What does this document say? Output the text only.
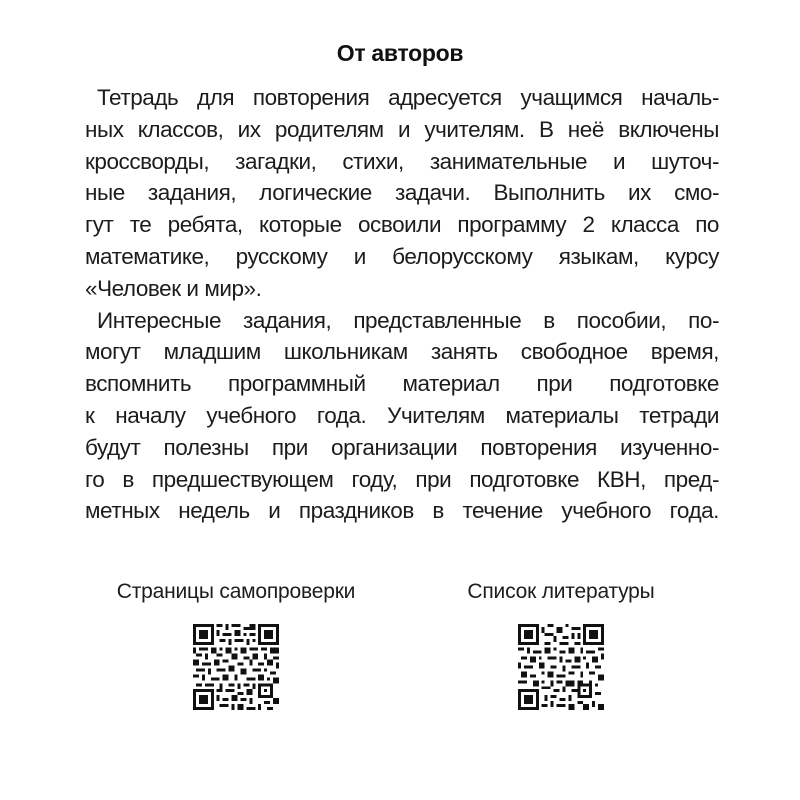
От авторов
Тетрадь для повторения адресуется учащимся началь-
ных классов, их родителям и учителям. В неё включены
кроссворды, загадки, стихи, занимательные и шуточ-
ные задания, логические задачи. Выполнить их смо-
гут те ребята, которые освоили программу 2 класса по
математике, русскому и белорусскому языкам, курсу
«Человек и мир».
Интересные задания, представленные в пособии, по-
могут младшим школьникам занять свободное время,
вспомнить программный материал при подготовке
к началу учебного года. Учителям материалы тетради
будут полезны при организации повторения изученно-
го в предшествующем году, при подготовке КВН, пред-
метных недель и праздников в течение учебного года.
Страницы самопроверки	Список литературы
